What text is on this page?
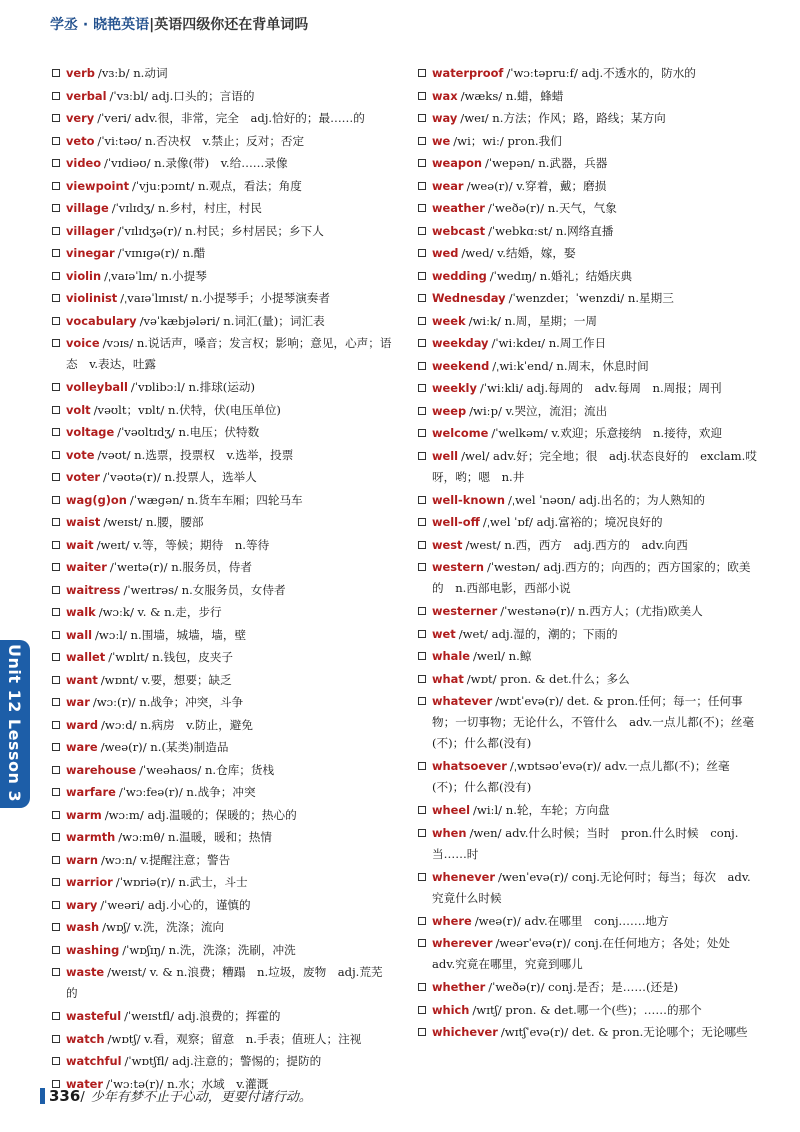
学丞 · 晓艳英语|英语四级你还在背单词吗

verb /vɜːb/ n.动词

verbal /ˈvɜːbl/ adj.口头的；言语的

very /ˈveri/ adv.很，非常，完全　adj.恰好的；最……的

veto /ˈviːtəʊ/ n.否决权　v.禁止；反对；否定

video /ˈvɪdiəʊ/ n.录像(带)　v.给……录像

viewpoint /ˈvjuːpɔɪnt/ n.观点，看法；角度

village /ˈvɪlɪdʒ/ n.乡村，村庄，村民

villager /ˈvɪlɪdʒə(r)/ n.村民；乡村居民；乡下人

vinegar /ˈvɪnɪɡə(r)/ n.醋

violin /ˌvaɪəˈlɪn/ n.小提琴

violinist /ˌvaɪəˈlɪnɪst/ n.小提琴手；小提琴演奏者

vocabulary /vəˈkæbjələri/ n.词汇(量)；词汇表

voice /vɔɪs/ n.说话声，嗓音；发言权；影响；意见，心声；语态　v.表达，吐露

volleyball /ˈvɒlibɔːl/ n.排球(运动)

volt /vəʊlt；vɒlt/ n.伏特，伏(电压单位)

voltage /ˈvəʊltɪdʒ/ n.电压；伏特数

vote /vəʊt/ n.选票，投票权　v.选举，投票

voter /ˈvəʊtə(r)/ n.投票人，选举人

wag(g)on /ˈwæɡən/ n.货车车厢；四轮马车

waist /weɪst/ n.腰，腰部

wait /weɪt/ v.等，等候；期待　n.等待

waiter /ˈweɪtə(r)/ n.服务员，侍者

waitress /ˈweɪtrəs/ n.女服务员，女侍者

walk /wɔːk/ v. & n.走，步行

wall /wɔːl/ n.围墙，城墙，墙，壁

wallet /ˈwɒlɪt/ n.钱包，皮夹子

want /wɒnt/ v.要，想要；缺乏

war /wɔː(r)/ n.战争；冲突，斗争

ward /wɔːd/ n.病房　v.防止，避免

ware /weə(r)/ n.(某类)制造品

warehouse /ˈweəhaʊs/ n.仓库；货栈

warfare /ˈwɔːfeə(r)/ n.战争；冲突

warm /wɔːm/ adj.温暖的；保暖的；热心的

warmth /wɔːmθ/ n.温暖，暖和；热情

warn /wɔːn/ v.提醒注意；警告

warrior /ˈwɒriə(r)/ n.武士，斗士

wary /ˈweəri/ adj.小心的，谨慎的

wash /wɒʃ/ v.洗，洗涤；流向

washing /ˈwɒʃɪŋ/ n.洗，洗涤；洗刷，冲洗

waste /weɪst/ v. & n.浪费；糟蹋　n.垃圾，废物　adj.荒芜的

wasteful /ˈweɪstfl/ adj.浪费的；挥霍的

watch /wɒtʃ/ v.看，观察；留意　n.手表；值班人；注视

watchful /ˈwɒtʃfl/ adj.注意的；警惕的；提防的

water /ˈwɔːtə(r)/ n.水；水域　v.灌溉

waterproof /ˈwɔːtəpruːf/ adj.不透水的，防水的

wax /wæks/ n.蜡，蜂蜡

way /weɪ/ n.方法；作风；路，路线；某方向

we /wi；wiː/ pron.我们

weapon /ˈwepən/ n.武器，兵器

wear /weə(r)/ v.穿着，戴；磨损

weather /ˈweðə(r)/ n.天气，气象

webcast /ˈwebkɑːst/ n.网络直播

wed /wed/ v.结婚，嫁，娶

wedding /ˈwedɪŋ/ n.婚礼；结婚庆典

Wednesday /ˈwenzdeɪ；ˈwenzdi/ n.星期三

week /wiːk/ n.周，星期；一周

weekday /ˈwiːkdeɪ/ n.周工作日

weekend /ˌwiːkˈend/ n.周末，休息时间

weekly /ˈwiːkli/ adj.每周的　adv.每周　n.周报；周刊

weep /wiːp/ v.哭泣，流泪；流出

welcome /ˈwelkəm/ v.欢迎；乐意接纳　n.接待，欢迎

well /wel/ adv.好；完全地；很　adj.状态良好的　exclam.哎呀，哟；嗯　n.井

well-known /ˌwel ˈnəʊn/ adj.出名的；为人熟知的

well-off /ˌwel ˈɒf/ adj.富裕的；境况良好的

west /west/ n.西，西方　adj.西方的　adv.向西

western /ˈwestən/ adj.西方的；向西的；西方国家的；欧美的　n.西部电影，西部小说

westerner /ˈwestənə(r)/ n.西方人；(尤指)欧美人

wet /wet/ adj.湿的，潮的；下雨的

whale /weɪl/ n.鲸

what /wɒt/ pron. & det.什么；多么

whatever /wɒtˈevə(r)/ det. & pron.任何；每一；任何事物；一切事物；无论什么，不管什么　adv.一点儿都(不)；丝毫(不)；什么都(没有)

whatsoever /ˌwɒtsəʊˈevə(r)/ adv.一点儿都(不)；丝毫(不)；什么都(没有)

wheel /wiːl/ n.轮，车轮；方向盘

when /wen/ adv.什么时候；当时　pron.什么时候　conj.当……时

whenever /wenˈevə(r)/ conj.无论何时；每当；每次　adv.究竟什么时候

where /weə(r)/ adv.在哪里　conj.……地方

wherever /weərˈevə(r)/ conj.在任何地方；各处；处处　adv.究竟在哪里，究竟到哪儿

whether /ˈweðə(r)/ conj.是否；是……(还是)

which /wɪtʃ/ pron. & det.哪一个(些)；……的那个

whichever /wɪtʃˈevə(r)/ det. & pron.无论哪个；无论哪些

Unit 12 Lesson 3
336/ 少年有梦不止于心动，更要付诸行动。
